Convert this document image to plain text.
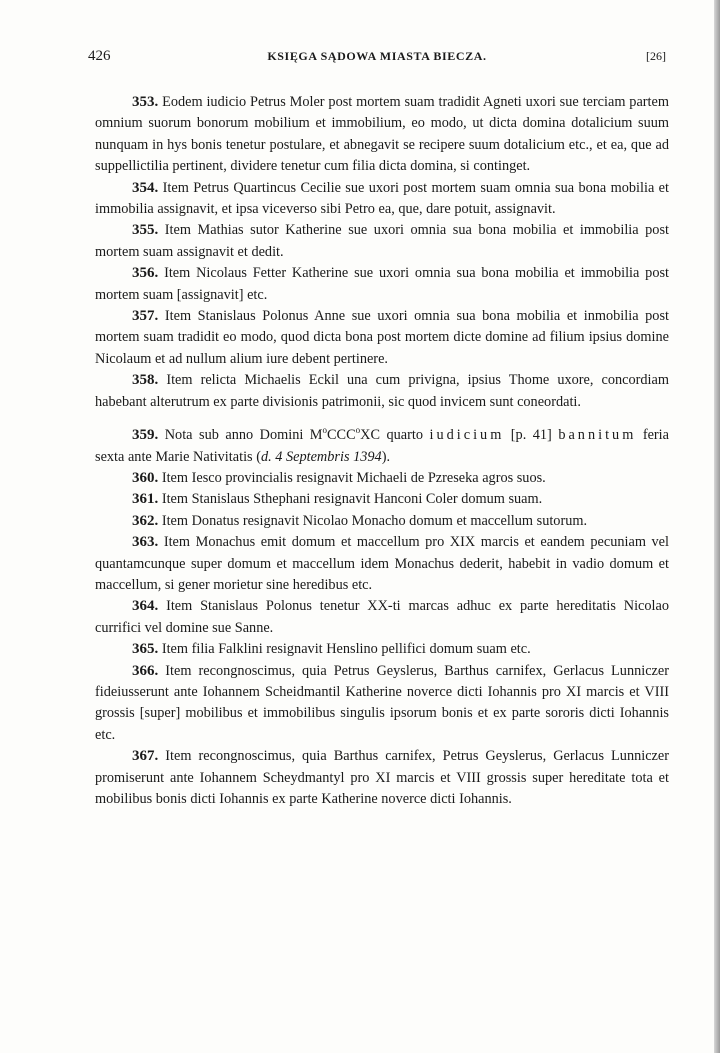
426	KSIĘGA SĄDOWA MIASTA BIECZA.	[26]

353. Eodem iudicio Petrus Moler post mortem suam tradidit Agneti uxori sue terciam partem omnium suorum bonorum mobilium et immobilium, eo modo, ut dicta domina dotalicium suum nunquam in hys bonis tenetur postulare, et abnegavit se recipere suum dotalicium etc., et ea, que ad suppellictilia pertinent, dividere tenetur cum filia dicta domina, si continget.

354. Item Petrus Quartincus Cecilie sue uxori post mortem suam omnia sua bona mobilia et immobilia assignavit, et ipsa viceverso sibi Petro ea, que, dare potuit, assignavit.

355. Item Mathias sutor Katherine sue uxori omnia sua bona mobilia et immobilia post mortem suam assignavit et dedit.

356. Item Nicolaus Fetter Katherine sue uxori omnia sua bona mobilia et immobilia post mortem suam [assignavit] etc.

357. Item Stanislaus Polonus Anne sue uxori omnia sua bona mobilia et inmobilia post mortem suam tradidit eo modo, quod dicta bona post mortem dicte domine ad filium ipsius domine Nicolaum et ad nullum alium iure debent pertinere.

358. Item relicta Michaelis Eckil una cum privigna, ipsius Thome uxore, concordiam habebant alterutrum ex parte divisionis patrimonii, sic quod invicem sunt coneordati.

359. Nota sub anno Domini $M^oCCC^oXC$ quarto iudicium [p. 41] bannitum feria sexta ante Marie Nativitatis (d. 4 Septembris 1394).

360. Item Iesco provincialis resignavit Michaeli de Pzreseka agros suos.

361. Item Stanislaus Sthephani resignavit Hanconi Coler domum suam.

362. Item Donatus resignavit Nicolao Monacho domum et maccellum sutorum.

363. Item Monachus emit domum et maccellum pro XIX marcis et eandem pecuniam vel quantamcunque super domum et maccellum idem Monachus dederit, habebit in vadio domum et maccellum, si gener morietur sine heredibus etc.

364. Item Stanislaus Polonus tenetur XX-ti marcas adhuc ex parte hereditatis Nicolao currifici vel domine sue Sanne.

365. Item filia Falklini resignavit Henslino pellifici domum suam etc.

366. Item recongnoscimus, quia Petrus Geyslerus, Barthus carnifex, Gerlacus Lunniczer fideiusserunt ante Iohannem Scheidmantil Katherine noverce dicti Iohannis pro XI marcis et VIII grossis [super] mobilibus et immobilibus singulis ipsorum bonis et ex parte sororis dicti Iohannis etc.

367. Item recongnoscimus, quia Barthus carnifex, Petrus Geyslerus, Gerlacus Lunniczer promiserunt ante Iohannem Scheydmantyl pro XI marcis et VIII grossis super hereditate tota et mobilibus bonis dicti Iohannis ex parte Katherine noverce dicti Iohannis.
